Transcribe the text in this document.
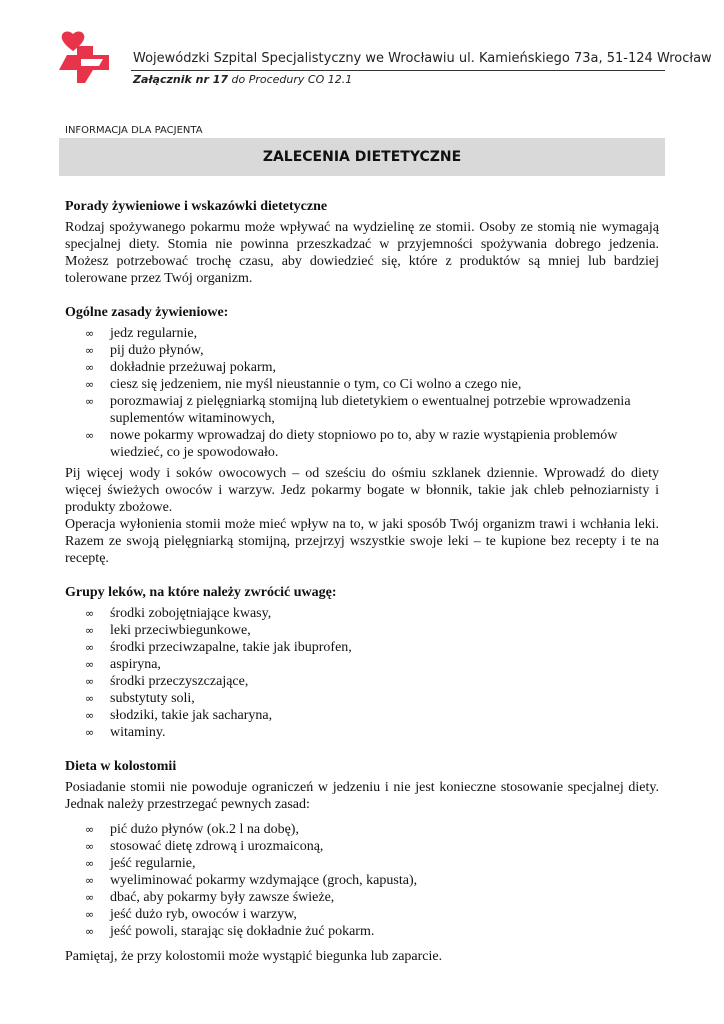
Wojewódzki Szpital Specjalistyczny we Wrocławiu ul. Kamieńskiego 73a, 51-124 Wrocław
Załącznik nr 17 do Procedury CO 12.1
INFORMACJA DLA PACJENTA
ZALECENIA DIETETYCZNE
Porady żywieniowe i wskazówki dietetyczne

Rodzaj spożywanego pokarmu może wpływać na wydzielinę ze stomii. Osoby ze stomią nie wymagają specjalnej diety. Stomia nie powinna przeszkadzać w przyjemności spożywania dobrego jedzenia. Możesz potrzebować trochę czasu, aby dowiedzieć się, które z produktów są mniej lub bardziej tolerowane przez Twój organizm.

Ogólne zasady żywieniowe:
∞ jedz regularnie,
∞ pij dużo płynów,
∞ dokładnie przeżuwaj pokarm,
∞ ciesz się jedzeniem, nie myśl nieustannie o tym, co Ci wolno a czego nie,
∞ porozmawiaj z pielęgniarką stomijną lub dietetykiem o ewentualnej potrzebie wprowadzenia suplementów witaminowych,
∞ nowe pokarmy wprowadzaj do diety stopniowo po to, aby w razie wystąpienia problemów wiedzieć, co je spowodowało.

Pij więcej wody i soków owocowych – od sześciu do ośmiu szklanek dziennie. Wprowadź do diety więcej świeżych owoców i warzyw. Jedz pokarmy bogate w błonnik, takie jak chleb pełnoziarnisty i produkty zbożowe.

Operacja wyłonienia stomii może mieć wpływ na to, w jaki sposób Twój organizm trawi i wchłania leki. Razem ze swoją pielęgniarką stomijną, przejrzyj wszystkie swoje leki – te kupione bez recepty i te na receptę.

Grupy leków, na które należy zwrócić uwagę:
∞ środki zobojętniające kwasy,
∞ leki przeciwbiegunkowe,
∞ środki przeciwzapalne, takie jak ibuprofen,
∞ aspiryna,
∞ środki przeczyszczające,
∞ substytuty soli,
∞ słodziki, takie jak sacharyna,
∞ witaminy.
Dieta w kolostomii

Posiadanie stomii nie powoduje ograniczeń w jedzeniu i nie jest konieczne stosowanie specjalnej diety. Jednak należy przestrzegać pewnych zasad:

∞ pić dużo płynów (ok.2 l na dobę),
∞ stosować dietę zdrową i urozmaiconą,
∞ jeść regularnie,
∞ wyeliminować pokarmy wzdymające (groch, kapusta),
∞ dbać, aby pokarmy były zawsze świeże,
∞ jeść dużo ryb, owoców i warzyw,
∞ jeść powoli, starając się dokładnie żuć pokarm.

Pamiętaj, że przy kolostomii może wystąpić biegunka lub zaparcie.
